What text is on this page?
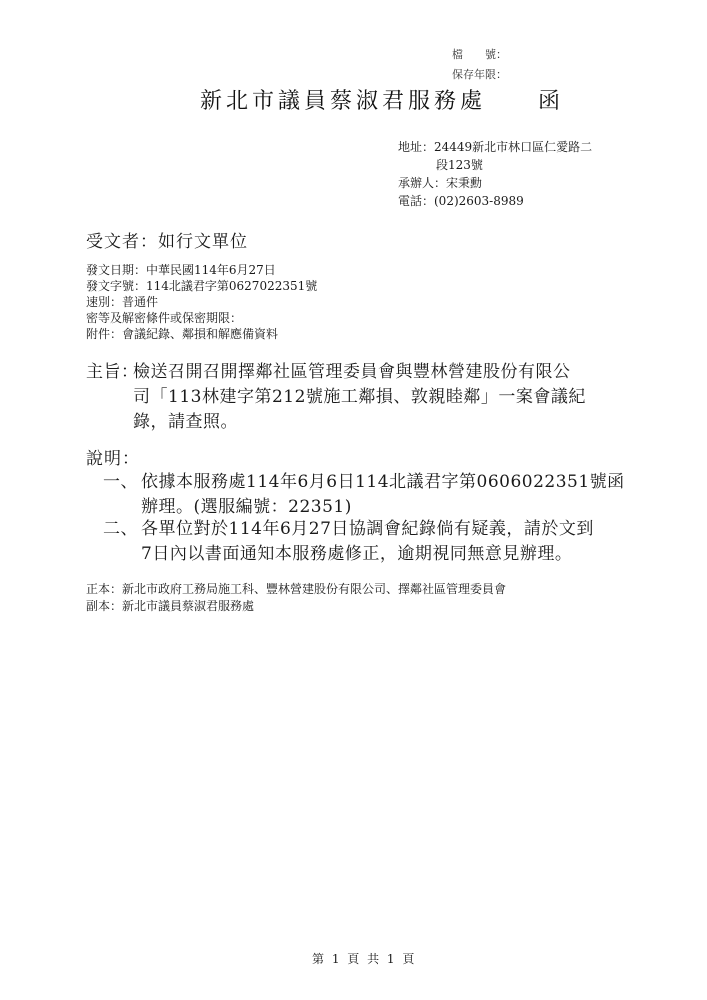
檔　　號：
保存年限：
新北市議員蔡淑君服務處　　函
地址：24449新北市林口區仁愛路二
段123號
承辦人：宋秉勳
電話：(02)2603-8989
受文者：如行文單位
發文日期：中華民國114年6月27日
發文字號：114北議君字第0627022351號
速別：普通件
密等及解密條件或保密期限：
附件：會議紀錄、鄰損和解應備資料
主旨：
檢送召開召開擇鄰社區管理委員會與豐林營建股份有限公
司「113林建字第212號施工鄰損、敦親睦鄰」一案會議紀
錄，請查照。
說明：
一、 依據本服務處114年6月6日114北議君字第0606022351號函
辦理。(選服編號：22351)
二、 各單位對於114年6月27日協調會紀錄倘有疑義，請於文到
7日內以書面通知本服務處修正，逾期視同無意見辦理。
正本：新北市政府工務局施工科、豐林營建股份有限公司、擇鄰社區管理委員會
副本：新北市議員蔡淑君服務處
第 1 頁 共 1 頁
